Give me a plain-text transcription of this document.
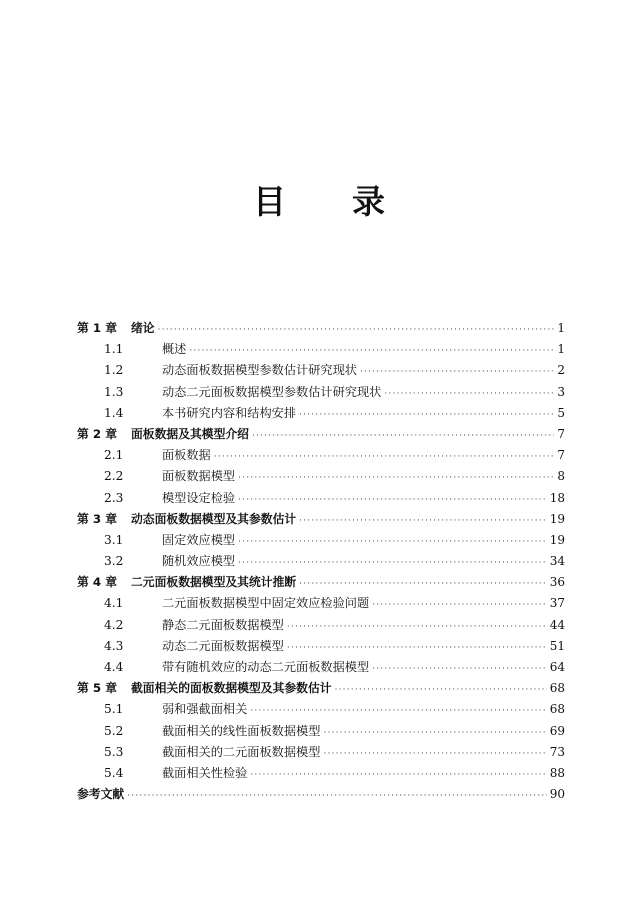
目 录
第 1 章	绪论 ·····	1
1.1	概述 ·····	1
1.2	动态面板数据模型参数估计研究现状 ·····	2
1.3	动态二元面板数据模型参数估计研究现状 ·····	3
1.4	本书研究内容和结构安排 ·····	5
第 2 章	面板数据及其模型介绍 ·····	7
2.1	面板数据 ·····	7
2.2	面板数据模型 ·····	8
2.3	模型设定检验 ·····	18
第 3 章	动态面板数据模型及其参数估计 ·····	19
3.1	固定效应模型 ·····	19
3.2	随机效应模型 ·····	34
第 4 章	二元面板数据模型及其统计推断 ·····	36
4.1	二元面板数据模型中固定效应检验问题 ·····	37
4.2	静态二元面板数据模型 ·····	44
4.3	动态二元面板数据模型 ·····	51
4.4	带有随机效应的动态二元面板数据模型 ·····	64
第 5 章	截面相关的面板数据模型及其参数估计 ·····	68
5.1	弱和强截面相关 ·····	68
5.2	截面相关的线性面板数据模型 ·····	69
5.3	截面相关的二元面板数据模型 ·····	73
5.4	截面相关性检验 ·····	88
参考文献 ·····	90
